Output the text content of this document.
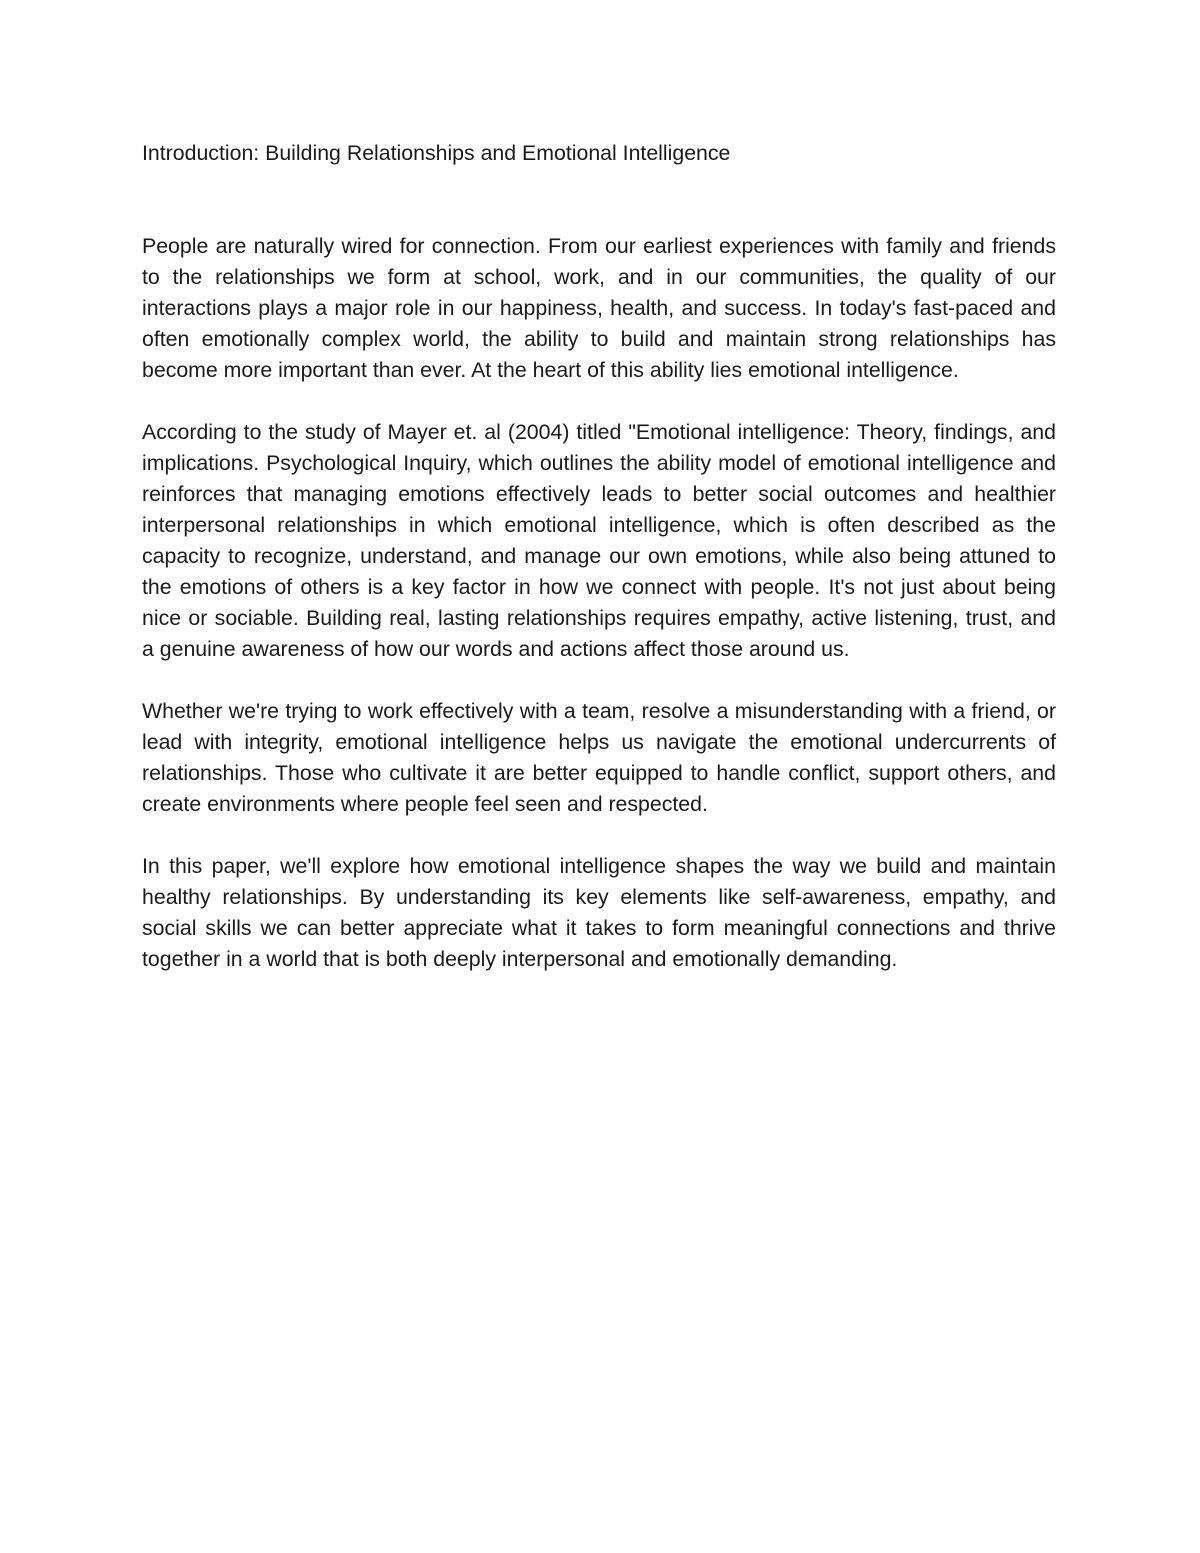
Introduction: Building Relationships and Emotional Intelligence

People are naturally wired for connection. From our earliest experiences with family and friends to the relationships we form at school, work, and in our communities, the quality of our interactions plays a major role in our happiness, health, and success. In today's fast-paced and often emotionally complex world, the ability to build and maintain strong relationships has become more important than ever. At the heart of this ability lies emotional intelligence.

According to the study of Mayer et. al (2004) titled "Emotional intelligence: Theory, findings, and implications. Psychological Inquiry, which outlines the ability model of emotional intelligence and reinforces that managing emotions effectively leads to better social outcomes and healthier interpersonal relationships in which emotional intelligence, which is often described as the capacity to recognize, understand, and manage our own emotions, while also being attuned to the emotions of others is a key factor in how we connect with people. It's not just about being nice or sociable. Building real, lasting relationships requires empathy, active listening, trust, and a genuine awareness of how our words and actions affect those around us.

Whether we're trying to work effectively with a team, resolve a misunderstanding with a friend, or lead with integrity, emotional intelligence helps us navigate the emotional undercurrents of relationships. Those who cultivate it are better equipped to handle conflict, support others, and create environments where people feel seen and respected.

In this paper, we'll explore how emotional intelligence shapes the way we build and maintain healthy relationships. By understanding its key elements like self-awareness, empathy, and social skills we can better appreciate what it takes to form meaningful connections and thrive together in a world that is both deeply interpersonal and emotionally demanding.
